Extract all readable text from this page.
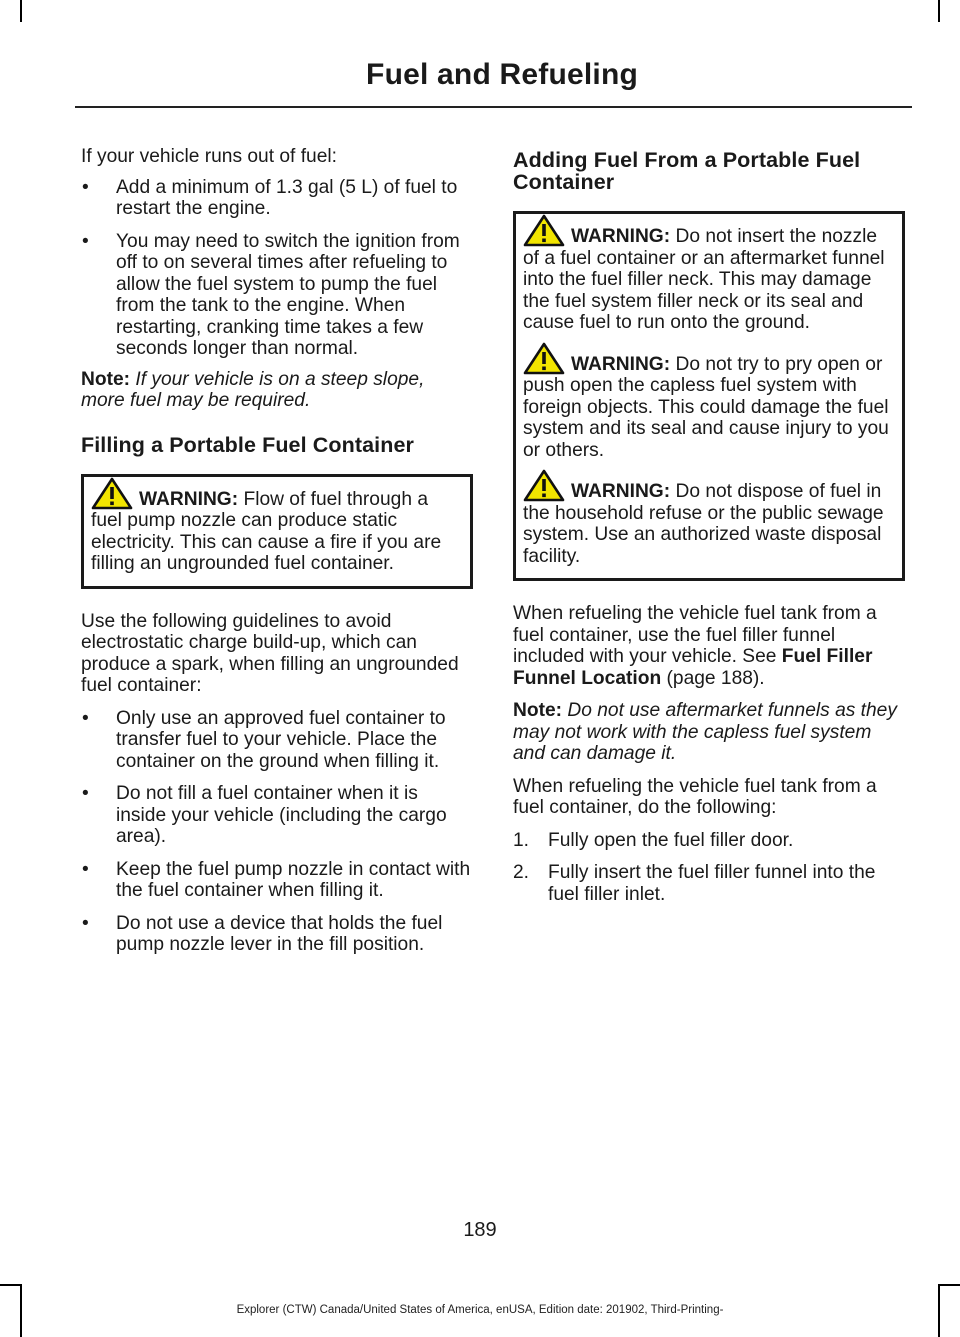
Fuel and Refueling

If your vehicle runs out of fuel:

• Add a minimum of 1.3 gal (5 L) of fuel to restart the engine.
• You may need to switch the ignition from off to on several times after refueling to allow the fuel system to pump the fuel from the tank to the engine. When restarting, cranking time takes a few seconds longer than normal.

Note: If your vehicle is on a steep slope, more fuel may be required.

Filling a Portable Fuel Container
WARNING: Flow of fuel through a fuel pump nozzle can produce static electricity. This can cause a fire if you are filling an ungrounded fuel container.

Use the following guidelines to avoid electrostatic charge build-up, which can produce a spark, when filling an ungrounded fuel container:

• Only use an approved fuel container to transfer fuel to your vehicle. Place the container on the ground when filling it.
• Do not fill a fuel container when it is inside your vehicle (including the cargo area).
• Keep the fuel pump nozzle in contact with the fuel container when filling it.
• Do not use a device that holds the fuel pump nozzle lever in the fill position.
Adding Fuel From a Portable Fuel Container
WARNING: Do not insert the nozzle of a fuel container or an aftermarket funnel into the fuel filler neck. This may damage the fuel system filler neck or its seal and cause fuel to run onto the ground.
WARNING: Do not try to pry open or push open the capless fuel system with foreign objects. This could damage the fuel system and its seal and cause injury to you or others.
WARNING: Do not dispose of fuel in the household refuse or the public sewage system. Use an authorized waste disposal facility.

When refueling the vehicle fuel tank from a fuel container, use the fuel filler funnel included with your vehicle. See Fuel Filler Funnel Location (page 188).

Note: Do not use aftermarket funnels as they may not work with the capless fuel system and can damage it.

When refueling the vehicle fuel tank from a fuel container, do the following:

1. Fully open the fuel filler door.
2. Fully insert the fuel filler funnel into the fuel filler inlet.
189
Explorer (CTW) Canada/United States of America, enUSA, Edition date: 201902, Third-Printing-
